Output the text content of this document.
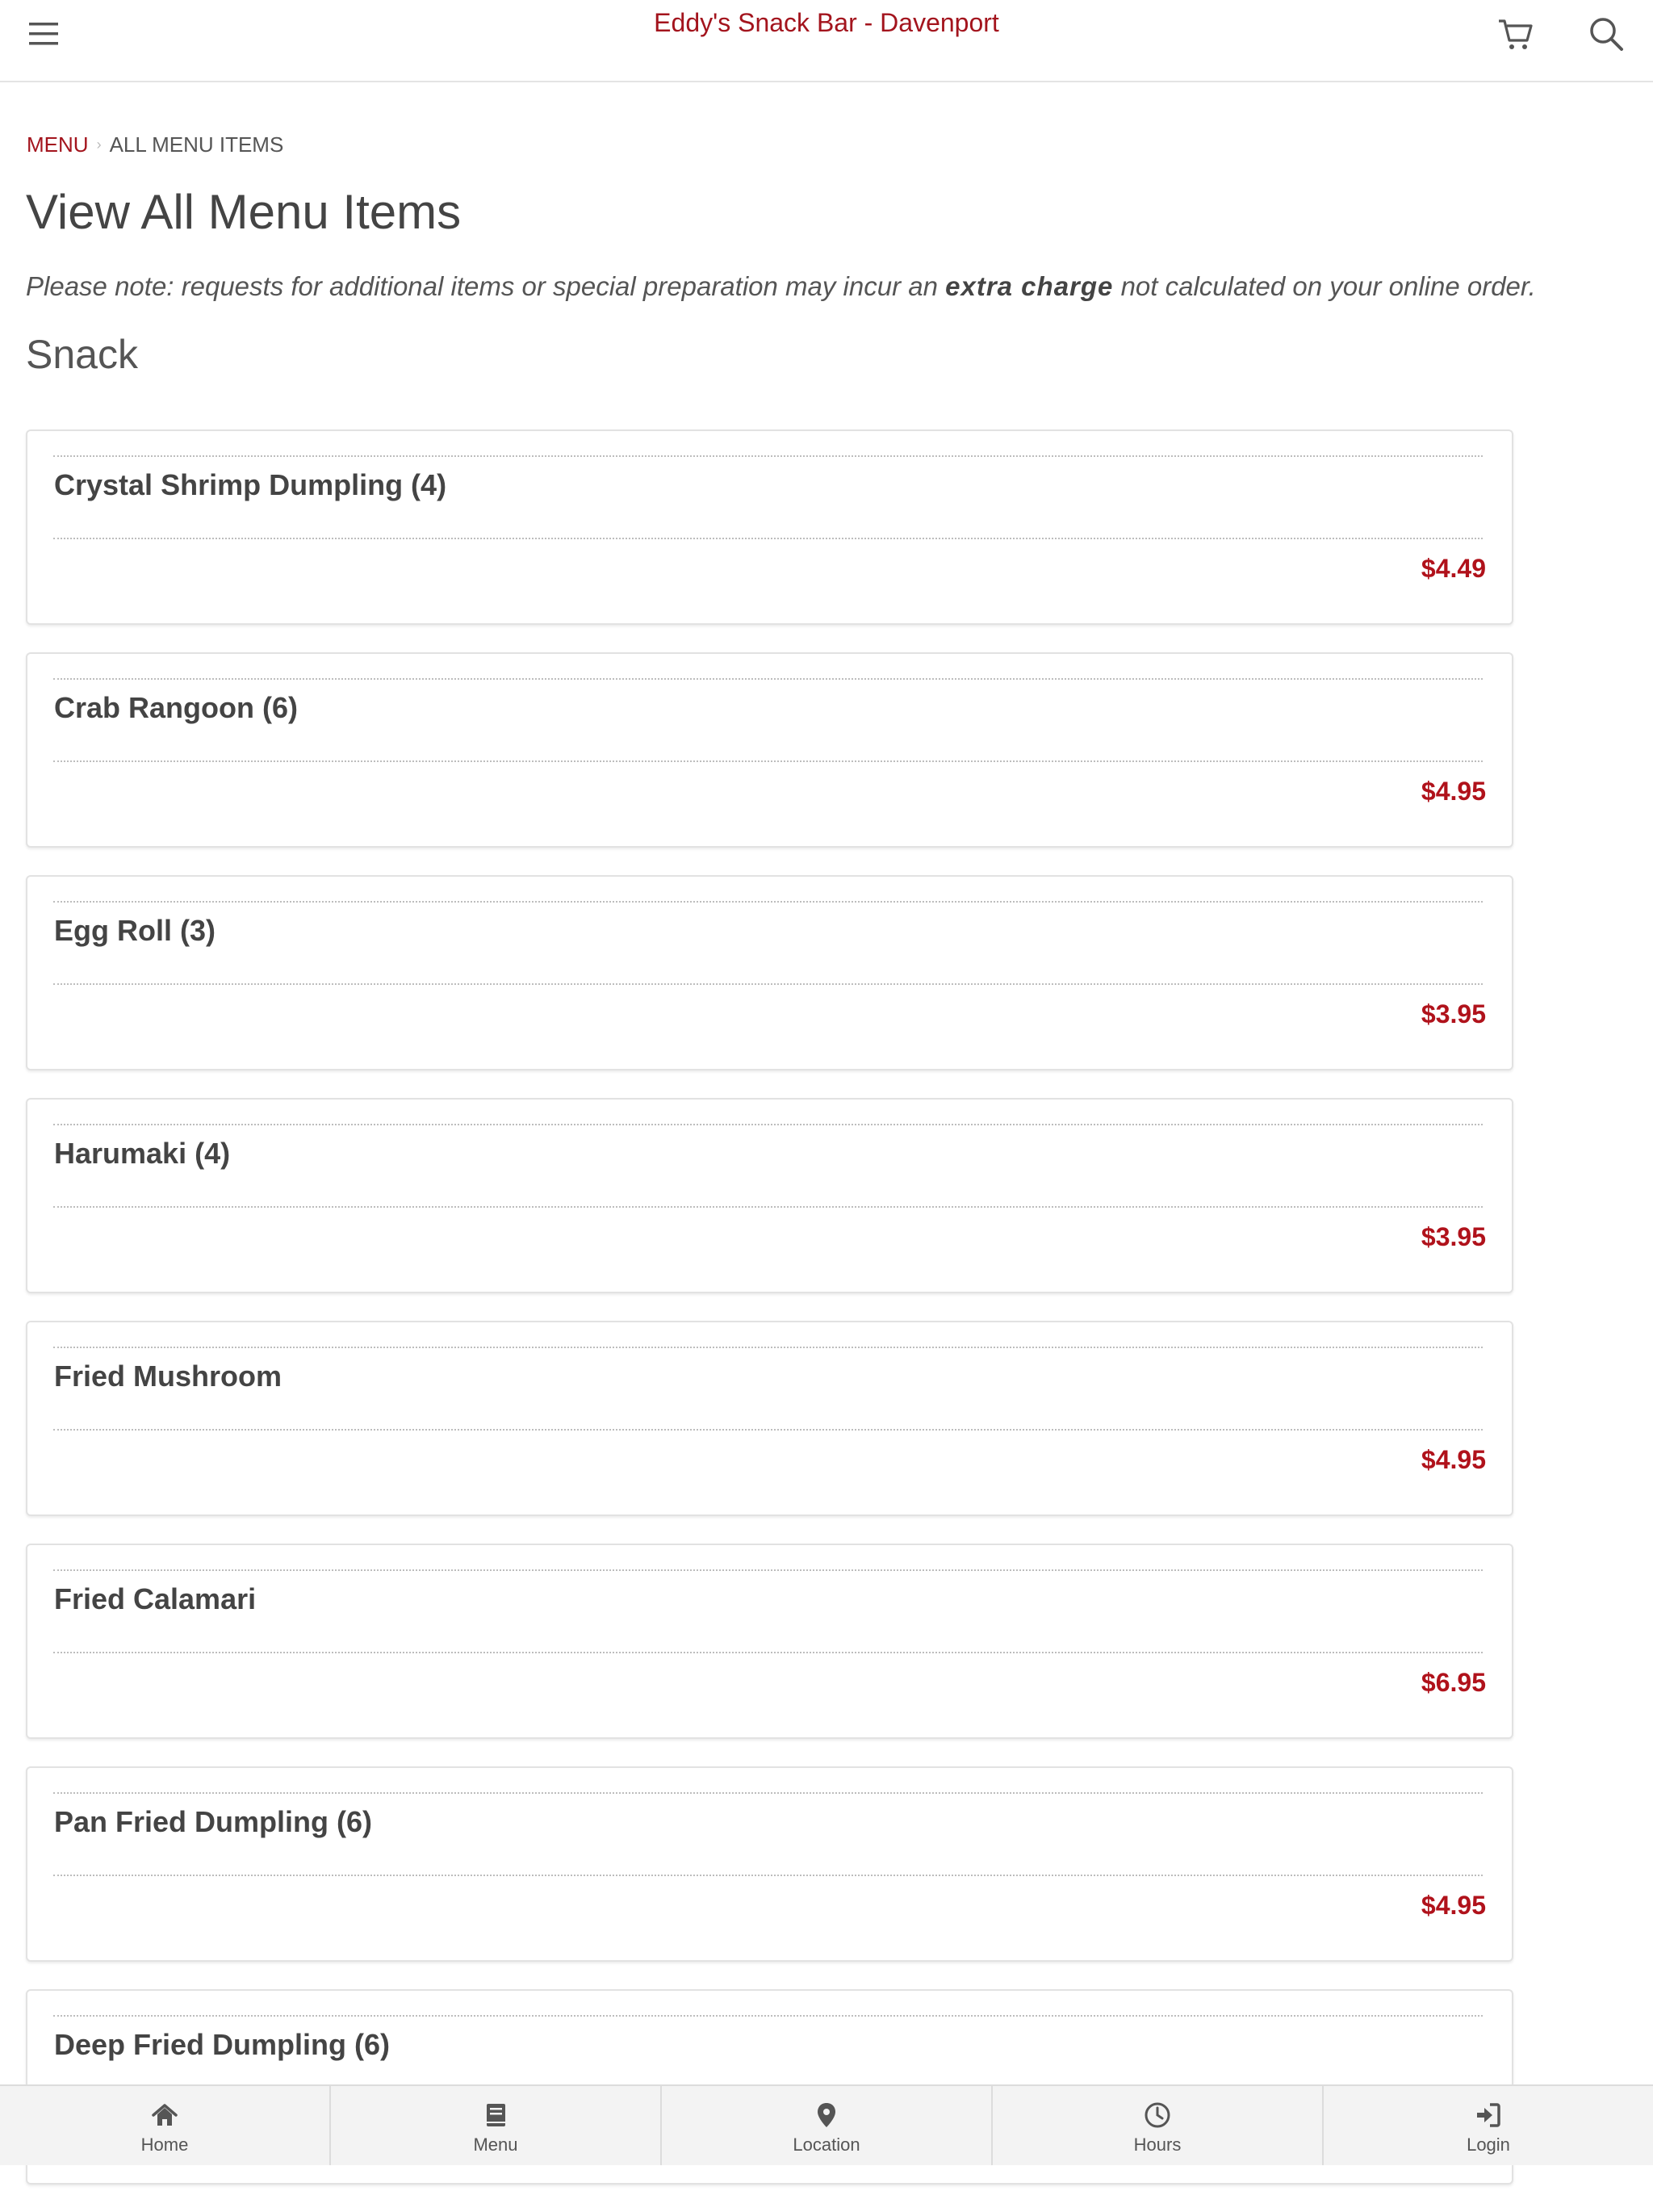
Eddy's Snack Bar - Davenport
MENU › ALL MENU ITEMS
View All Menu Items
Please note: requests for additional items or special preparation may incur an extra charge not calculated on your online order.
Snack
Crystal Shrimp Dumpling (4)
$4.49
Crab Rangoon (6)
$4.95
Egg Roll (3)
$3.95
Harumaki (4)
$3.95
Fried Mushroom
$4.95
Fried Calamari
$6.95
Pan Fried Dumpling (6)
$4.95
Deep Fried Dumpling (6)
Home	Menu	Location	Hours	Login
